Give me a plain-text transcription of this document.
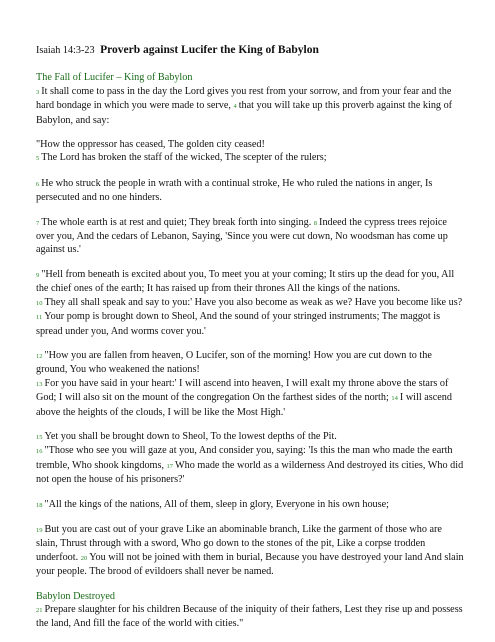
Isaiah 14:3-23 Proverb against Lucifer the King of Babylon
The Fall of Lucifer – King of Babylon

3 It shall come to pass in the day the Lord gives you rest from your sorrow, and from your fear and the hard bondage in which you were made to serve, 4 that you will take up this proverb against the king of Babylon, and say:

"How the oppressor has ceased, The golden city ceased!
5 The Lord has broken the staff of the wicked, The scepter of the rulers;

6 He who struck the people in wrath with a continual stroke, He who ruled the nations in anger, Is persecuted and no one hinders.

7 The whole earth is at rest and quiet; They break forth into singing. 8 Indeed the cypress trees rejoice over you, And the cedars of Lebanon, Saying, 'Since you were cut down, No woodsman has come up against us.'

9 "Hell from beneath is excited about you, To meet you at your coming; It stirs up the dead for you, All the chief ones of the earth; It has raised up from their thrones All the kings of the nations.

10 They all shall speak and say to you:' Have you also become as weak as we? Have you become like us? 11 Your pomp is brought down to Sheol, And the sound of your stringed instruments; The maggot is spread under you, And worms cover you.'

12 "How you are fallen from heaven, O Lucifer, son of the morning! How you are cut down to the ground, You who weakened the nations!

13 For you have said in your heart:' I will ascend into heaven, I will exalt my throne above the stars of God; I will also sit on the mount of the congregation On the farthest sides of the north; 14 I will ascend above the heights of the clouds, I will be like the Most High.'

15 Yet you shall be brought down to Sheol, To the lowest depths of the Pit.

16 "Those who see you will gaze at you, And consider you, saying: 'Is this the man who made the earth tremble, Who shook kingdoms, 17 Who made the world as a wilderness And destroyed its cities, Who did not open the house of his prisoners?'

18 "All the kings of the nations, All of them, sleep in glory, Everyone in his own house;

19 But you are cast out of your grave Like an abominable branch, Like the garment of those who are slain, Thrust through with a sword, Who go down to the stones of the pit, Like a corpse trodden underfoot. 20 You will not be joined with them in burial, Because you have destroyed your land And slain your people. The brood of evildoers shall never be named.

Babylon Destroyed

21 Prepare slaughter for his children Because of the iniquity of their fathers, Lest they rise up and possess the land, And fill the face of the world with cities."
